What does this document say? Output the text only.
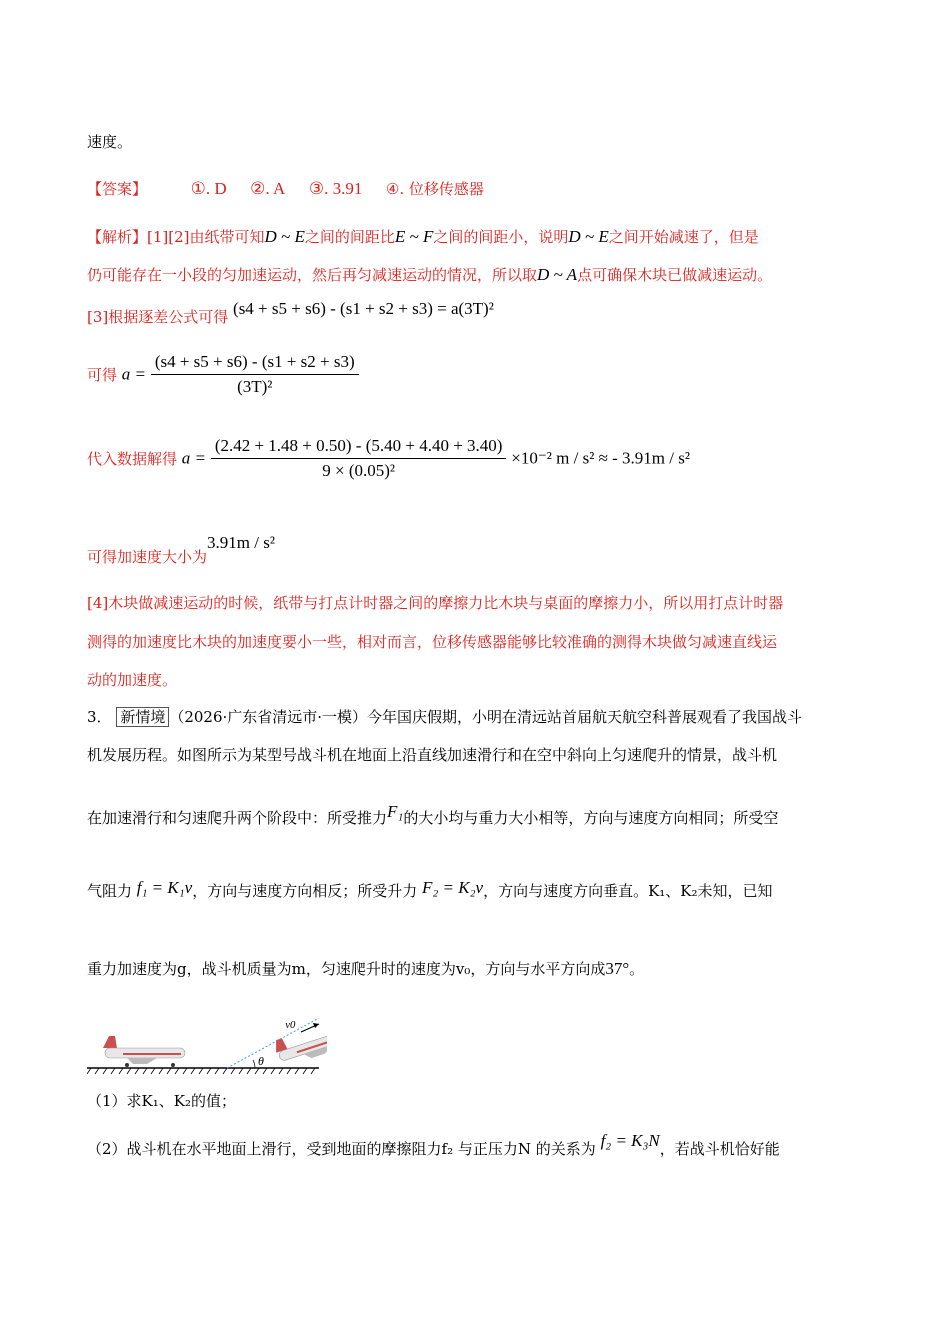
速度。
【答案】	①. D ②. A ③. 3.91 ④. 位移传感器
【解析】[1][2]由纸带可知D ~ E之间的间距比E ~ F之间的间距小，说明D ~ E之间开始减速了，但是
仍可能存在一小段的匀加速运动，然后再匀减速运动的情况，所以取D ~ A点可确保木块已做减速运动。
[3]根据逐差公式可得 (s4 + s5 + s6) - (s1 + s2 + s3) = a(3T)²
可得 $a = \frac{(s4 + s5 + s6) - (s1 + s2 + s3)}{\text{(3T)²}}$
代入数据解得 $a = \frac{(2.42 + 1.48 + 0.50) - (5.40 + 4.40 + 3.40)}{\text{9 × (0.05)²}} \times 10^{-2}$ m / s² ≈ - 3.91m / s²
可得加速度大小为3.91m / s²
[4]木块做减速运动的时候，纸带与打点计时器之间的摩擦力比木块与桌面的摩擦力小，所以用打点计时器
测得的加速度比木块的加速度要小一些，相对而言，位移传感器能够比较准确的测得木块做匀减速直线运
动的加速度。
3． 新情境 （2026·广东省清远市·一模）今年国庆假期，小明在清远站首届航天航空科普展观看了我国战斗
机发展历程。如图所示为某型号战斗机在地面上沿直线加速滑行和在空中斜向上匀速爬升的情景，战斗机
在加速滑行和匀速爬升两个阶段中：所受推力F₁的大小均与重力大小相等，方向与速度方向相同；所受空
气阻力 f₁ = K₁v，方向与速度方向相反；所受升力 F₂ = K₂v，方向与速度方向垂直。K₁、K₂未知，已知
重力加速度为g，战斗机质量为m，匀速爬升时的速度为v₀，方向与水平方向成37°。
θ
v0
（1）求K₁、K₂的值；
（2）战斗机在水平地面上滑行，受到地面的摩擦阻力f₂ 与正压力N 的关系为 f₂ = K₃N，若战斗机恰好能
